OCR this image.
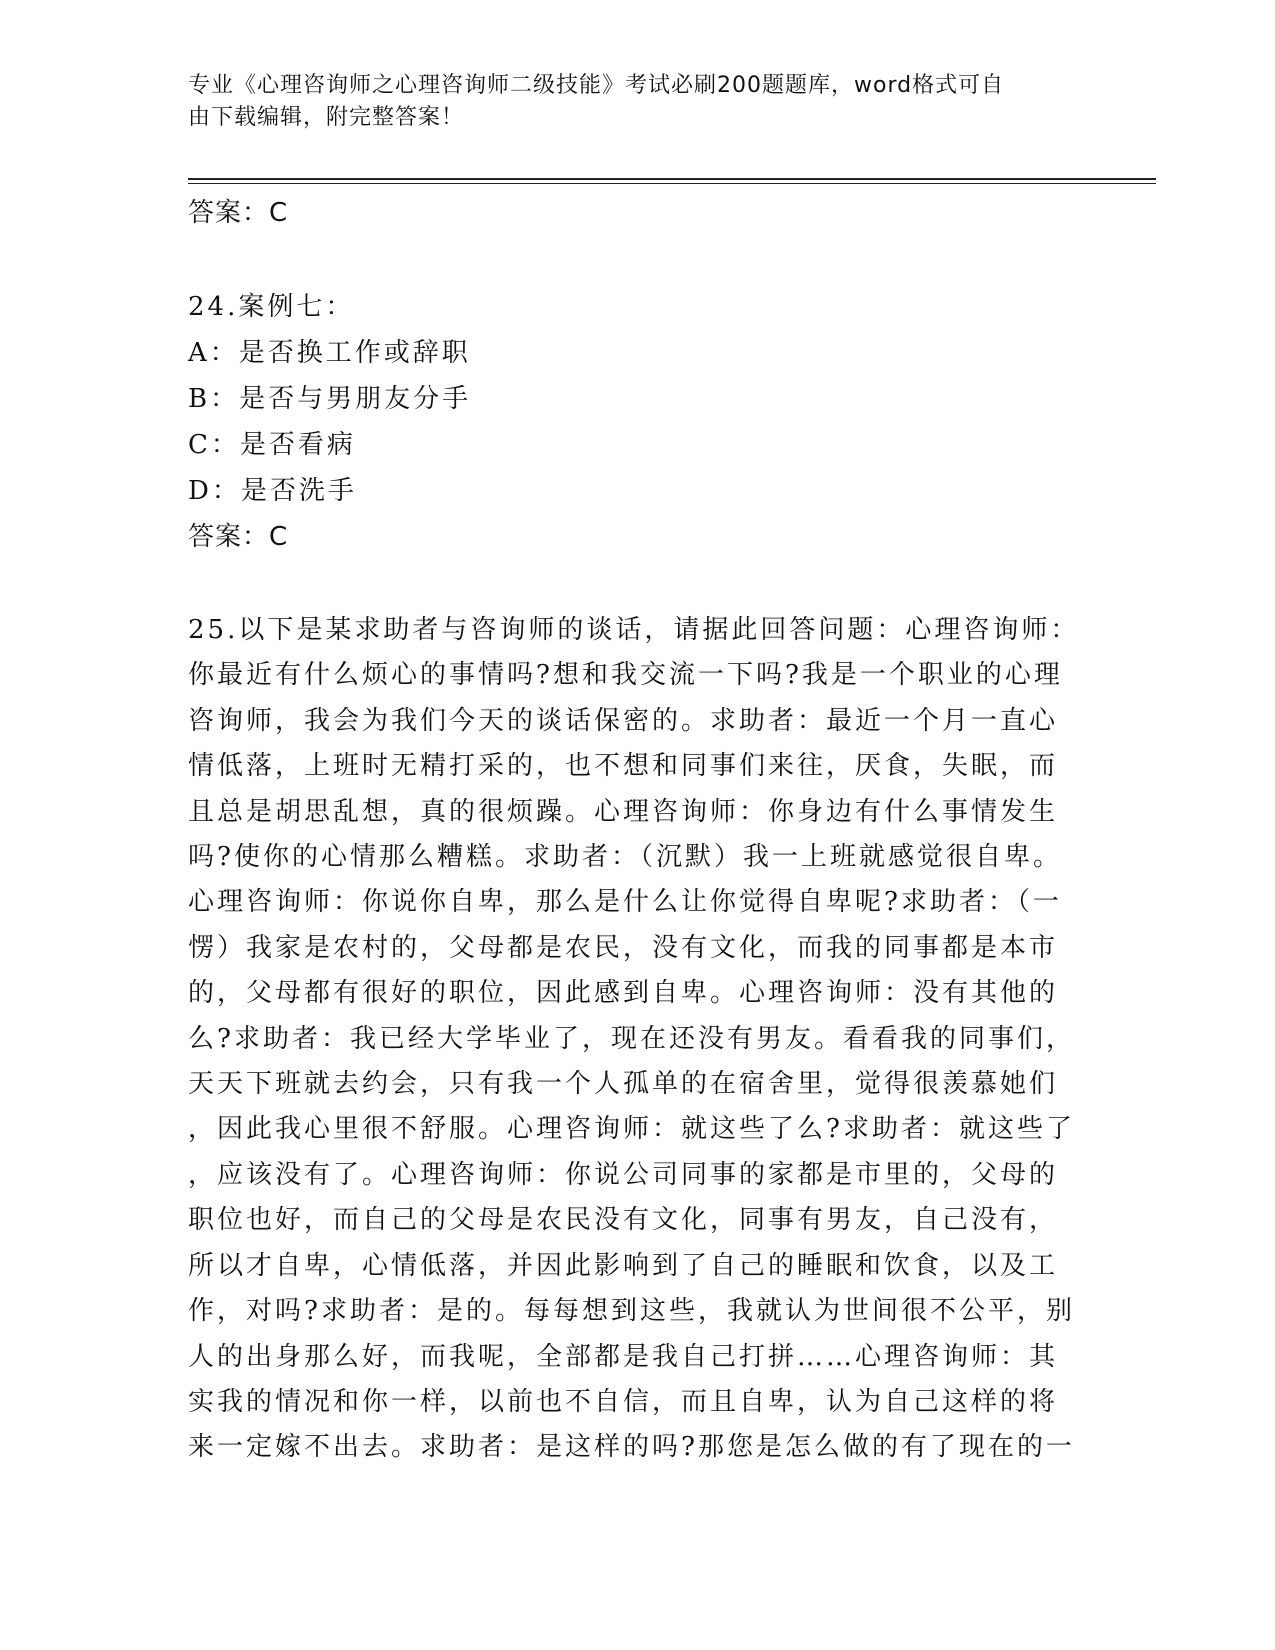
专业《心理咨询师之心理咨询师二级技能》考试必刷200题题库，word格式可自
由下载编辑，附完整答案！
答案：C
24.案例七：
A：是否换工作或辞职
B：是否与男朋友分手
C：是否看病
D：是否洗手
答案：C
25.以下是某求助者与咨询师的谈话，请据此回答问题：心理咨询师：
你最近有什么烦心的事情吗?想和我交流一下吗?我是一个职业的心理
咨询师，我会为我们今天的谈话保密的。求助者：最近一个月一直心
情低落，上班时无精打采的，也不想和同事们来往，厌食，失眠，而
且总是胡思乱想，真的很烦躁。心理咨询师：你身边有什么事情发生
吗?使你的心情那么糟糕。求助者：（沉默）我一上班就感觉很自卑。
心理咨询师：你说你自卑，那么是什么让你觉得自卑呢?求助者：（一
愣）我家是农村的，父母都是农民，没有文化，而我的同事都是本市
的，父母都有很好的职位，因此感到自卑。心理咨询师：没有其他的
么?求助者：我已经大学毕业了，现在还没有男友。看看我的同事们，
天天下班就去约会，只有我一个人孤单的在宿舍里，觉得很羡慕她们
，因此我心里很不舒服。心理咨询师：就这些了么?求助者：就这些了
，应该没有了。心理咨询师：你说公司同事的家都是市里的，父母的
职位也好，而自己的父母是农民没有文化，同事有男友，自己没有，
所以才自卑，心情低落，并因此影响到了自己的睡眠和饮食，以及工
作，对吗?求助者：是的。每每想到这些，我就认为世间很不公平，别
人的出身那么好，而我呢，全部都是我自己打拼……心理咨询师：其
实我的情况和你一样，以前也不自信，而且自卑，认为自己这样的将
来一定嫁不出去。求助者：是这样的吗?那您是怎么做的有了现在的一
